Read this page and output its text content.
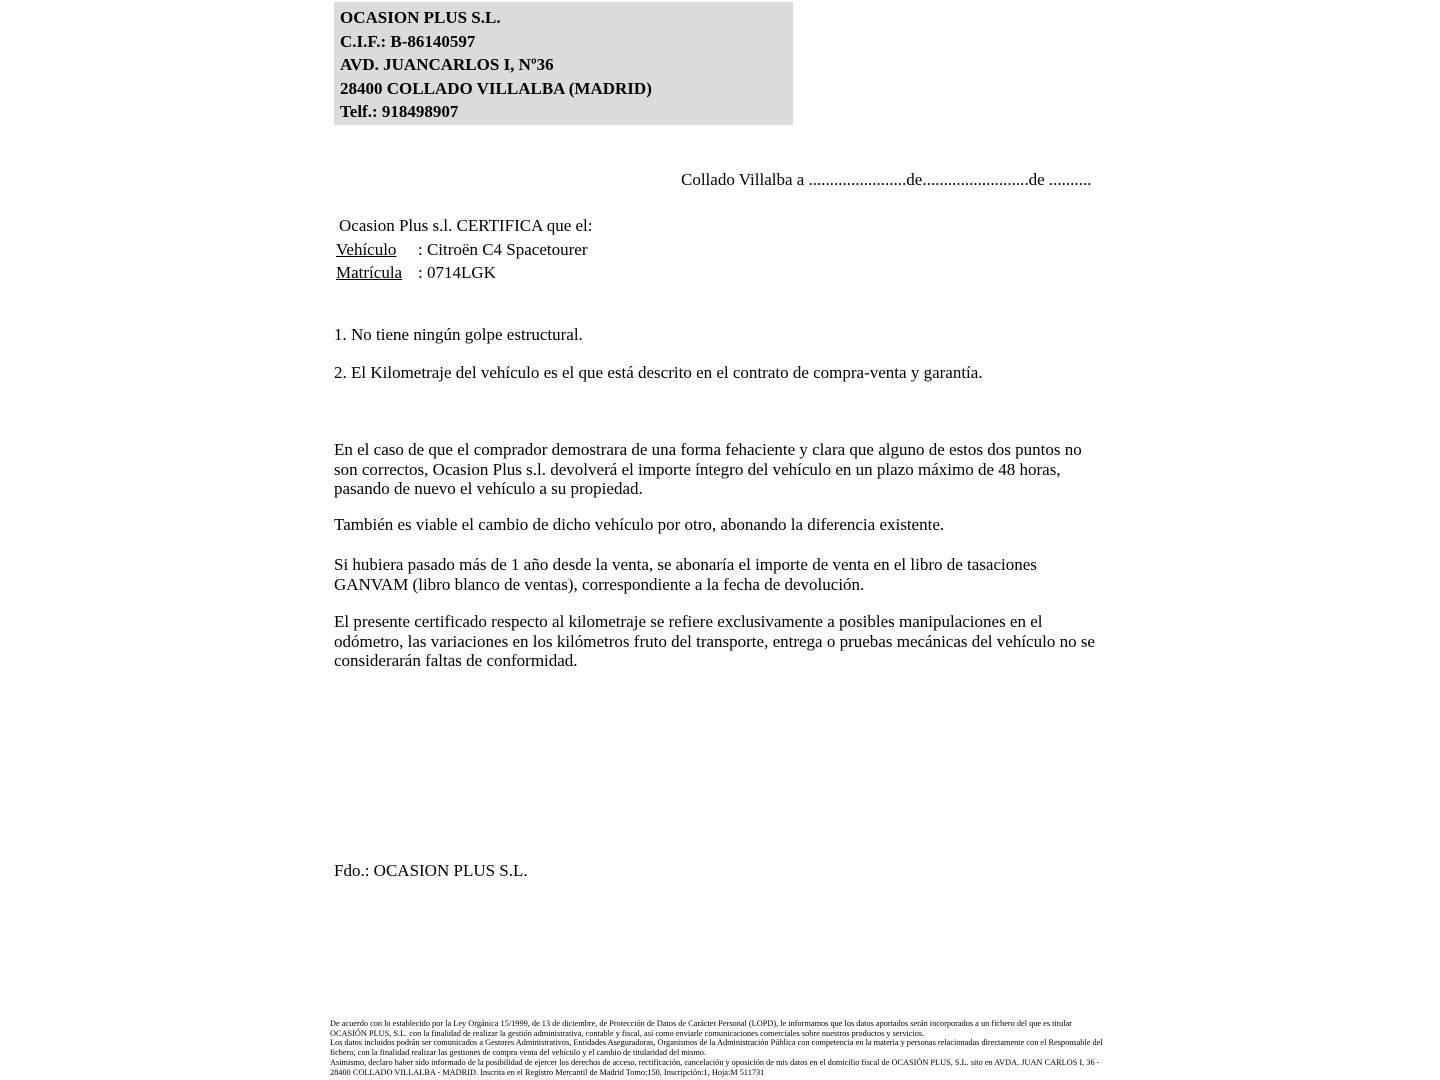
OCASION PLUS S.L.
C.I.F.: B-86140597
AVD. JUANCARLOS I, Nº36
28400 COLLADO VILLALBA (MADRID)
Telf.: 918498907
Collado Villalba a .......................de.........................de ..........
Ocasion Plus s.l. CERTIFICA que el:
Vehículo : Citroën C4 Spacetourer
Matrícula : 0714LGK
1. No tiene ningún golpe estructural.
2. El Kilometraje del vehículo es el que está descrito en el contrato de compra-venta y garantía.
En el caso de que el comprador demostrara de una forma fehaciente y clara que alguno de estos dos puntos no son correctos, Ocasion Plus s.l. devolverá el importe íntegro del vehículo en un plazo máximo de 48 horas, pasando de nuevo el vehículo a su propiedad.
También es viable el cambio de dicho vehículo por otro, abonando la diferencia existente.
Si hubiera pasado más de 1 año desde la venta, se abonaría el importe de venta en el libro de tasaciones GANVAM (libro blanco de ventas), correspondiente a la fecha de devolución.
El presente certificado respecto al kilometraje se refiere exclusivamente a posibles manipulaciones en el odómetro, las variaciones en los kilómetros fruto del transporte, entrega o pruebas mecánicas del vehículo no se considerarán faltas de conformidad.
Fdo.: OCASION PLUS S.L.
De acuerdo con lo establecido por la Ley Orgánica 15/1999, de 13 de diciembre, de Protección de Datos de Carácter Personal (LOPD), le informamos que los datos aportados serán incorporados a un fichero del que es titular OCASIÓN PLUS, S.L. con la finalidad de realizar la gestión administrativa, contable y fiscal, así como enviarle comunicaciones comerciales sobre nuestros productos y servicios.
Los datos incluidos podrán ser comunicados a Gestores Administrativos, Entidades Aseguradoras, Organismos de la Administración Pública con competencia en la materia y personas relacionadas directamente con el Responsable del fichero, con la finalidad realizar las gestiones de compra venta del vehículo y el cambio de titularidad del mismo.
Asimismo, declaro haber sido informado de la posibilidad de ejercer los derechos de acceso, rectificación, cancelación y oposición de mis datos en el domicilio fiscal de OCASIÓN PLUS, S.L. sito en AVDA. JUAN CARLOS I, 36 - 28400 COLLADO VILLALBA - MADRID. Inscrita en el Registro Mercantil de Madrid Tomo:150, Inscripción:1, Hoja:M 511731
